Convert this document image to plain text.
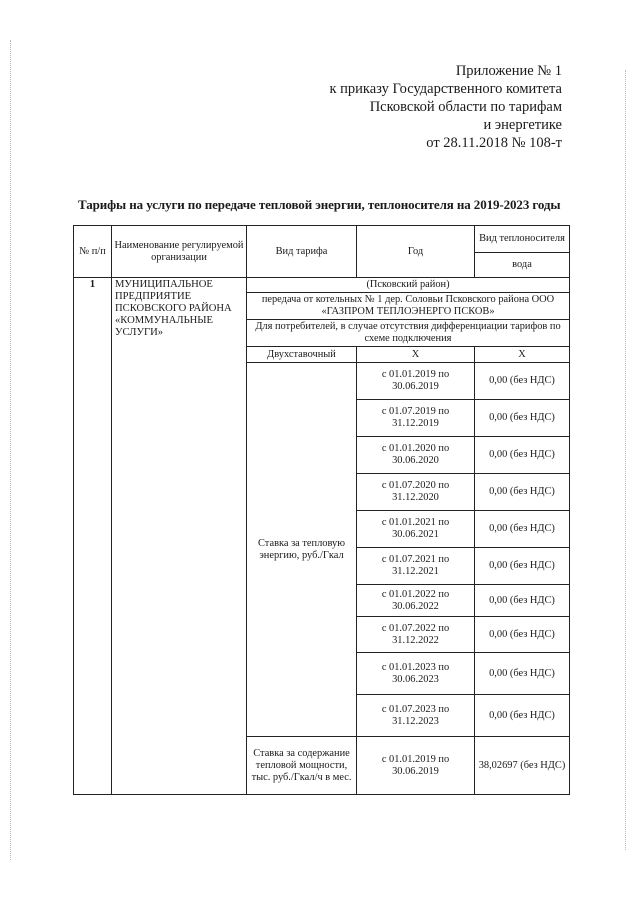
Приложение № 1
к приказу Государственного комитета
Псковской области по тарифам
и энергетике
от 28.11.2018 № 108-т
Тарифы на услуги по передаче тепловой энергии, теплоносителя на 2019-2023 годы
№ п/п	Наименование регулируемой организации	Вид тарифа	Год	Вид теплоносителя
				вода
1	МУНИЦИПАЛЬНОЕ ПРЕДПРИЯТИЕ ПСКОВСКОГО РАЙОНА «КОММУНАЛЬНЫЕ УСЛУГИ»	(Псковский район)		
		передача от котельных № 1 дер. Соловьи Псковского района ООО «ГАЗПРОМ ТЕПЛОЭНЕРГО ПСКОВ»		
		Для потребителей, в случае отсутствия дифференциации тарифов по схеме подключения		
		Двухставочный	Х	Х
		Ставка за тепловую энергию, руб./Гкал	с 01.01.2019 по 30.06.2019	0,00 (без НДС)
			с 01.07.2019 по 31.12.2019	0,00 (без НДС)
			с 01.01.2020 по 30.06.2020	0,00 (без НДС)
			с 01.07.2020 по 31.12.2020	0,00 (без НДС)
			с 01.01.2021 по 30.06.2021	0,00 (без НДС)
			с 01.07.2021 по 31.12.2021	0,00 (без НДС)
			с 01.01.2022 по 30.06.2022	0,00 (без НДС)
			с 01.07.2022 по 31.12.2022	0,00 (без НДС)
			с 01.01.2023 по 30.06.2023	0,00 (без НДС)
			с 01.07.2023 по 31.12.2023	0,00 (без НДС)
		Ставка за содержание тепловой мощности, тыс. руб./Гкал/ч в мес.	с 01.01.2019 по 30.06.2019	38,02697 (без НДС)
